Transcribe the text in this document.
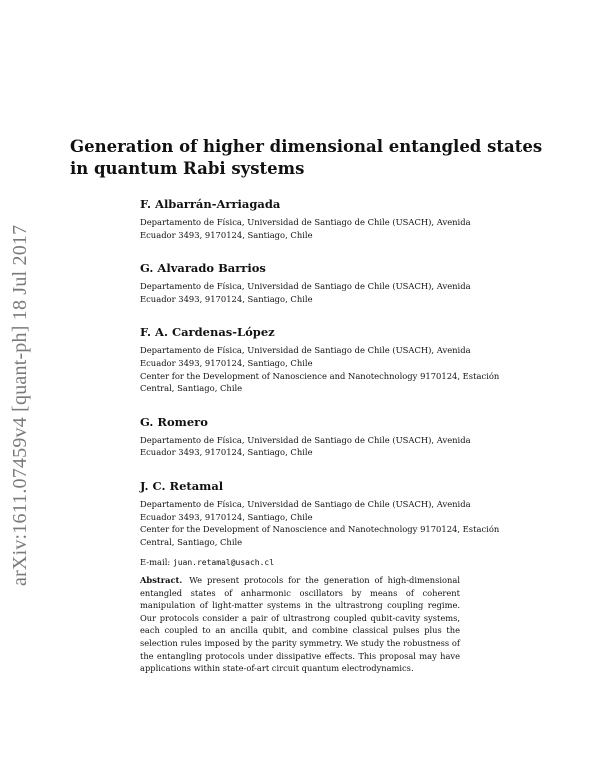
arXiv:1611.07459v4 [quant-ph] 18 Jul 2017
Generation of higher dimensional entangled states
in quantum Rabi systems
F. Albarrán-Arriagada
Departamento de Física, Universidad de Santiago de Chile (USACH), Avenida
Ecuador 3493, 9170124, Santiago, Chile
G. Alvarado Barrios
Departamento de Física, Universidad de Santiago de Chile (USACH), Avenida
Ecuador 3493, 9170124, Santiago, Chile
F. A. Cardenas-López
Departamento de Física, Universidad de Santiago de Chile (USACH), Avenida
Ecuador 3493, 9170124, Santiago, Chile
Center for the Development of Nanoscience and Nanotechnology 9170124, Estación
Central, Santiago, Chile
G. Romero
Departamento de Física, Universidad de Santiago de Chile (USACH), Avenida
Ecuador 3493, 9170124, Santiago, Chile
J. C. Retamal
Departamento de Física, Universidad de Santiago de Chile (USACH), Avenida
Ecuador 3493, 9170124, Santiago, Chile
Center for the Development of Nanoscience and Nanotechnology 9170124, Estación
Central, Santiago, Chile
E-mail: juan.retamal@usach.cl
Abstract. We present protocols for the generation of high-dimensional entangled states of anharmonic oscillators by means of coherent manipulation of light-matter systems in the ultrastrong coupling regime. Our protocols consider a pair of ultrastrong coupled qubit-cavity systems, each coupled to an ancilla qubit, and combine classical pulses plus the selection rules imposed by the parity symmetry. We study the robustness of the entangling protocols under dissipative effects. This proposal may have applications within state-of-art circuit quantum electrodynamics.
